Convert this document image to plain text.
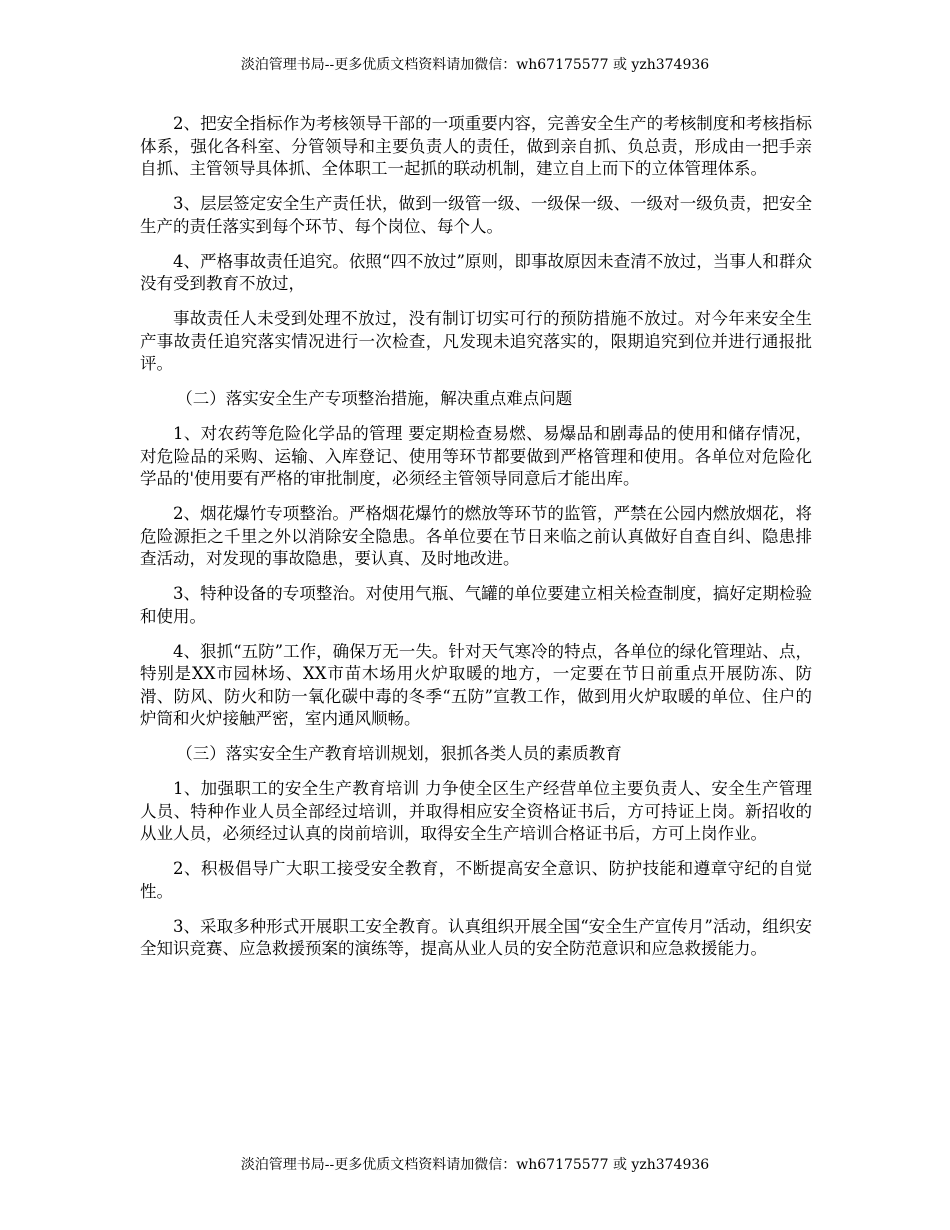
淡泊管理书局--更多优质文档资料请加微信：wh67175577 或 yzh374936

2、把安全指标作为考核领导干部的一项重要内容，完善安全生产的考核制度和考核指标体系，强化各科室、分管领导和主要负责人的责任，做到亲自抓、负总责，形成由一把手亲自抓、主管领导具体抓、全体职工一起抓的联动机制，建立自上而下的立体管理体系。

3、层层签定安全生产责任状，做到一级管一级、一级保一级、一级对一级负责，把安全生产的责任落实到每个环节、每个岗位、每个人。

4、严格事故责任追究。依照“四不放过”原则，即事故原因未查清不放过，当事人和群众没有受到教育不放过，

事故责任人未受到处理不放过，没有制订切实可行的预防措施不放过。对今年来安全生产事故责任追究落实情况进行一次检查，凡发现未追究落实的，限期追究到位并进行通报批评。

（二）落实安全生产专项整治措施，解决重点难点问题

1、对农药等危险化学品的管理 要定期检查易燃、易爆品和剧毒品的使用和储存情况，对危险品的采购、运输、入库登记、使用等环节都要做到严格管理和使用。各单位对危险化学品的'使用要有严格的审批制度，必须经主管领导同意后才能出库。

2、烟花爆竹专项整治。严格烟花爆竹的燃放等环节的监管，严禁在公园内燃放烟花，将危险源拒之千里之外以消除安全隐患。各单位要在节日来临之前认真做好自查自纠、隐患排查活动，对发现的事故隐患，要认真、及时地改进。

3、特种设备的专项整治。对使用气瓶、气罐的单位要建立相关检查制度，搞好定期检验和使用。

4、狠抓“五防”工作，确保万无一失。针对天气寒冷的特点，各单位的绿化管理站、点，特别是XX市园林场、XX市苗木场用火炉取暖的地方，一定要在节日前重点开展防冻、防滑、防风、防火和防一氧化碳中毒的冬季“五防”宣教工作，做到用火炉取暖的单位、住户的炉筒和火炉接触严密，室内通风顺畅。

（三）落实安全生产教育培训规划，狠抓各类人员的素质教育

1、加强职工的安全生产教育培训 力争使全区生产经营单位主要负责人、安全生产管理人员、特种作业人员全部经过培训，并取得相应安全资格证书后，方可持证上岗。新招收的从业人员，必须经过认真的岗前培训，取得安全生产培训合格证书后，方可上岗作业。

2、积极倡导广大职工接受安全教育，不断提高安全意识、防护技能和遵章守纪的自觉性。

3、采取多种形式开展职工安全教育。认真组织开展全国“安全生产宣传月”活动，组织安全知识竞赛、应急救援预案的演练等，提高从业人员的安全防范意识和应急救援能力。

淡泊管理书局--更多优质文档资料请加微信：wh67175577 或 yzh374936
